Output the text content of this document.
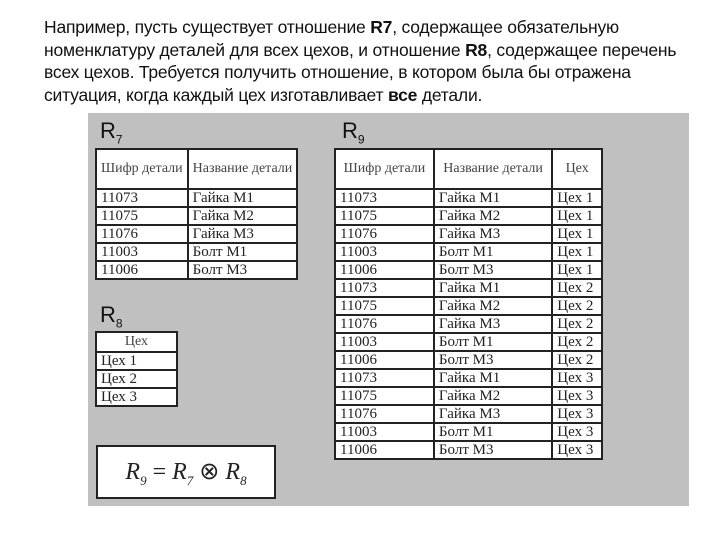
Например, пусть существует отношение R7, содержащее обязательную номенклатуру деталей для всех цехов, и отношение R8, содержащее перечень всех цехов. Требуется получить отношение, в котором была бы отражена ситуация, когда каждый цех изготавливает все детали.
$R_7$
Шифр детали	Название детали
11073	Гайка М1
11075	Гайка М2
11076	Гайка М3
11003	Болт М1
11006	Болт М3
$R_9$
Шифр детали	Название детали	Цех
11073	Гайка М1	Цех 1
11075	Гайка М2	Цех 1
11076	Гайка М3	Цех 1
11003	Болт М1	Цех 1
11006	Болт М3	Цех 1
11073	Гайка М1	Цех 2
11075	Гайка М2	Цех 2
11076	Гайка М3	Цех 2
11003	Болт М1	Цех 2
11006	Болт М3	Цех 2
11073	Гайка М1	Цех 3
11075	Гайка М2	Цех 3
11076	Гайка М3	Цех 3
11003	Болт М1	Цех 3
11006	Болт М3	Цех 3
$R_8$
Цех
Цех 1
Цех 2
Цех 3
$R_9 = R_7$ ⊗ $R_8$
